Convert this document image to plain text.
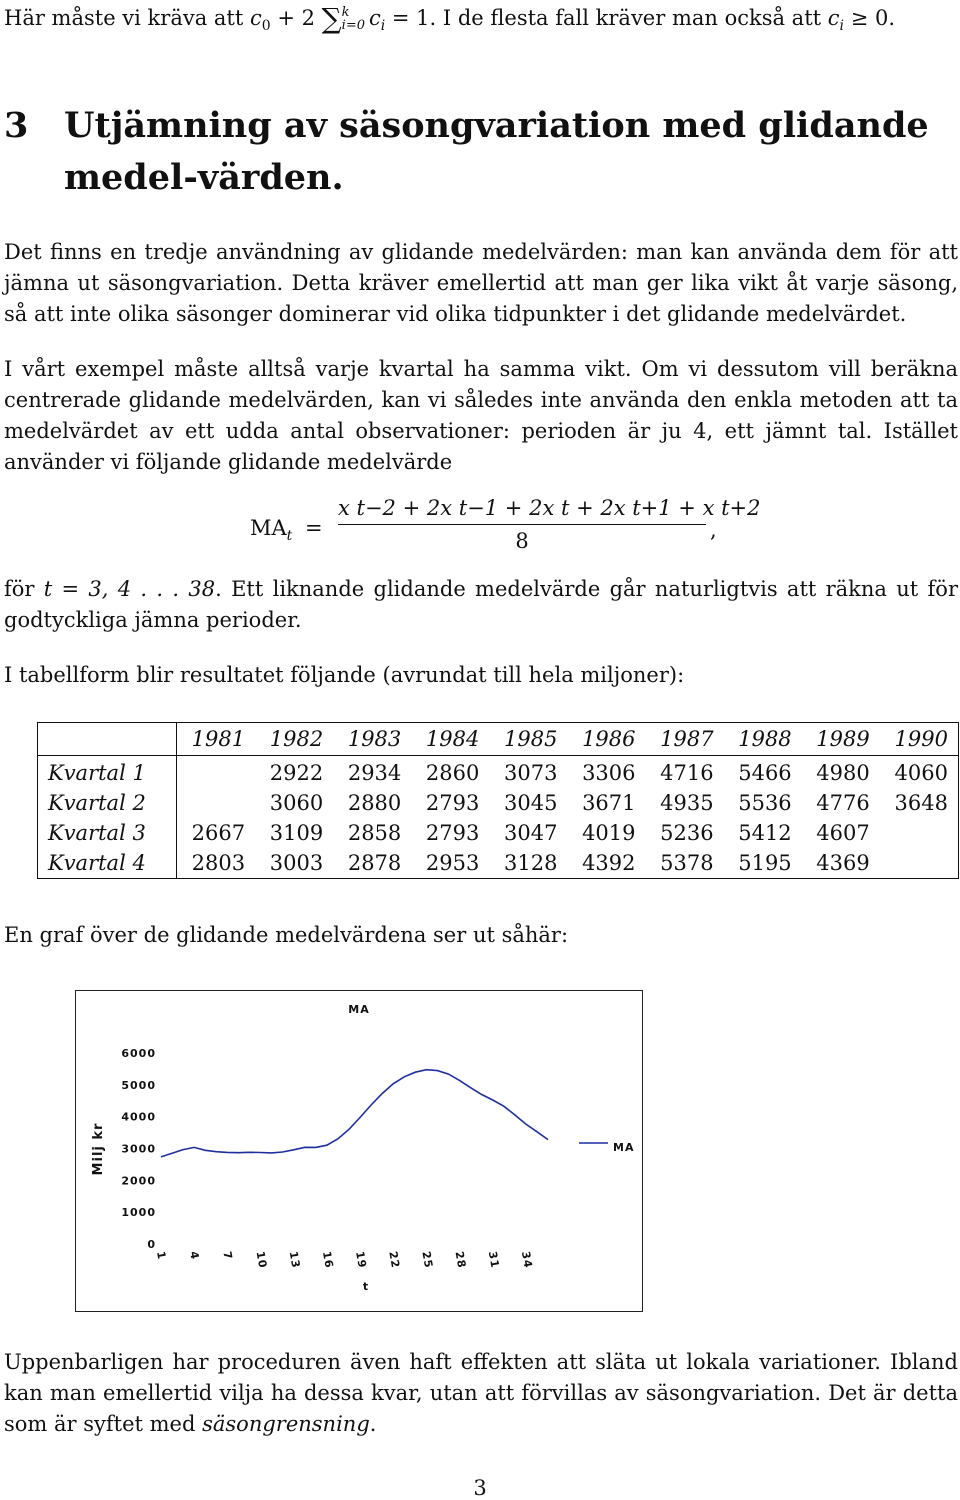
Här måste vi kräva att $c_0 + 2$ ∑ k
i=0 $c_i = 1$. I de flesta fall kräver man också att $c_i \ge 0$.
3 Utjämning av säsongvariation med glidande medel-värden.

Det finns en tredje användning av glidande medelvärden: man kan använda dem för att jämna ut säsongvariation. Detta kräver emellertid att man ger lika vikt åt varje säsong, så att inte olika säsonger dominerar vid olika tidpunkter i det glidande medelvärdet.

I vårt exempel måste alltså varje kvartal ha samma vikt. Om vi dessutom vill beräkna centrerade glidande medelvärden, kan vi således inte använda den enkla metoden att ta medelvärdet av ett udda antal observationer: perioden är ju 4, ett jämnt tal. Istället använder vi följande glidande medelvärde

$MA_t = \frac{\text{x t−2 + 2x t−1 + 2x t + 2x t+1 + x t+2}}{8}$ ,

för t = 3, 4 . . . 38. Ett liknande glidande medelvärde går naturligtvis att räkna ut för godtyckliga jämna perioder.

I tabellform blir resultatet följande (avrundat till hela miljoner):

	1981	1982	1983	1984	1985	1986	1987	1988	1989	1990
Kvartal 1		2922	2934	2860	3073	3306	4716	5466	4980	4060
Kvartal 2		3060	2880	2793	3045	3671	4935	5536	4776	3648
Kvartal 3	2667	3109	2858	2793	3047	4019	5236	5412	4607	
Kvartal 4	2803	3003	2878	2953	3128	4392	5378	5195	4369	

En graf över de glidande medelvärdena ser ut såhär:

MA
0
1000
2000
3000
4000
5000
6000
Milj kr
1 4 7 10 13 16 19 22 25 28 31 34
t
MA

Uppenbarligen har proceduren även haft effekten att släta ut lokala variationer. Ibland kan man emellertid vilja ha dessa kvar, utan att förvillas av säsongvariation. Det är detta som är syftet med säsongrensning.

3
